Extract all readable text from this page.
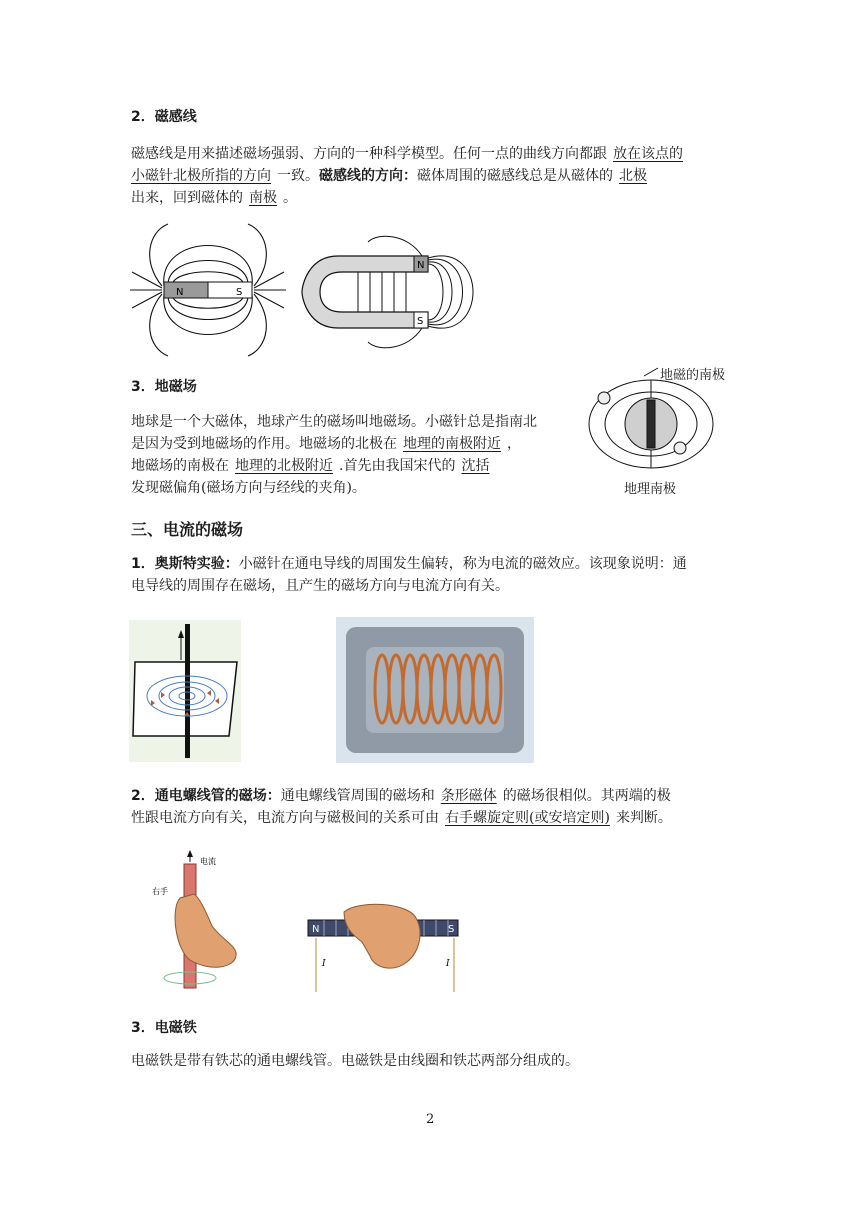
2．磁感线
磁感线是用来描述磁场强弱、方向的一种科学模型。任何一点的曲线方向都跟 放在该点的
小磁针北极所指的方向 一致。磁感线的方向：磁体周围的磁感线总是从磁体的 北极
出来，回到磁体的 南极 。
N	S
N
S
3．地磁场
地球是一个大磁体，地球产生的磁场叫地磁场。小磁针总是指南北
是因为受到地磁场的作用。地磁场的北极在 地理的南极附近 ，
地磁场的南极在 地理的北极附近 .首先由我国宋代的 沈括
发现磁偏角(磁场方向与经线的夹角)。
地磁的南极
地理南极
三、电流的磁场
1．奥斯特实验：小磁针在通电导线的周围发生偏转，称为电流的磁效应。该现象说明：通
电导线的周围存在磁场，且产生的磁场方向与电流方向有关。
2．通电螺线管的磁场：通电螺线管周围的磁场和 条形磁体 的磁场很相似。其两端的极
性跟电流方向有关，电流方向与磁极间的关系可由 右手螺旋定则(或安培定则) 来判断。
电流
右手
N	S
I	I
3．电磁铁
电磁铁是带有铁芯的通电螺线管。电磁铁是由线圈和铁芯两部分组成的。
2
